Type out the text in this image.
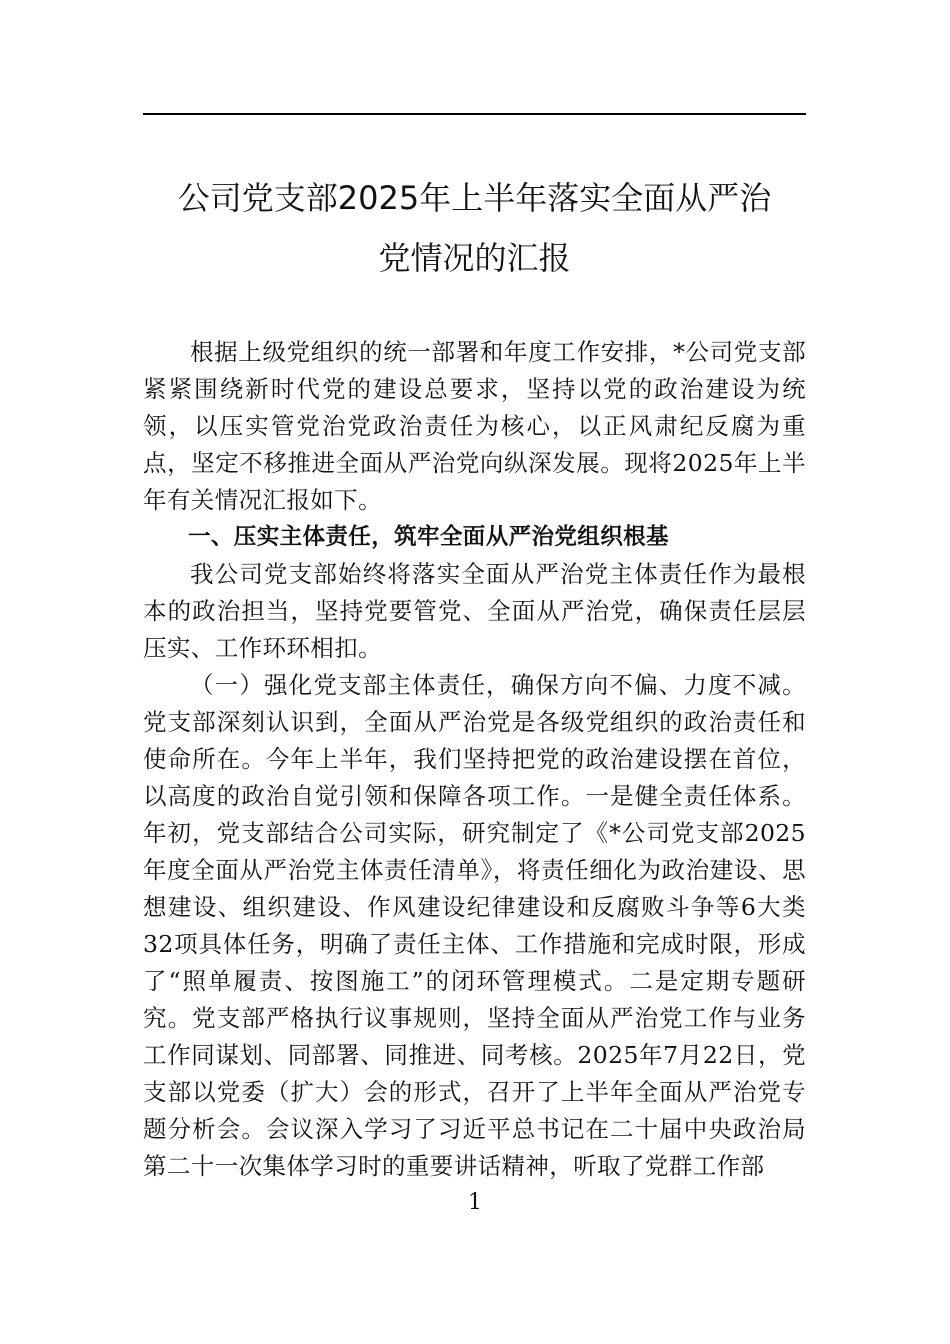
公司党支部2025年上半年落实全面从严治
党情况的汇报

根据上级党组织的统一部署和年度工作安排，*公司党支部紧紧围绕新时代党的建设总要求，坚持以党的政治建设为统领，以压实管党治党政治责任为核心，以正风肃纪反腐为重点，坚定不移推进全面从严治党向纵深发展。现将2025年上半年有关情况汇报如下。

一、压实主体责任，筑牢全面从严治党组织根基

我公司党支部始终将落实全面从严治党主体责任作为最根本的政治担当，坚持党要管党、全面从严治党，确保责任层层压实、工作环环相扣。

（一）强化党支部主体责任，确保方向不偏、力度不减。党支部深刻认识到，全面从严治党是各级党组织的政治责任和使命所在。今年上半年，我们坚持把党的政治建设摆在首位，以高度的政治自觉引领和保障各项工作。一是健全责任体系。年初，党支部结合公司实际，研究制定了《*公司党支部2025年度全面从严治党主体责任清单》，将责任细化为政治建设、思想建设、组织建设、作风建设纪律建设和反腐败斗争等6大类32项具体任务，明确了责任主体、工作措施和完成时限，形成了“照单履责、按图施工”的闭环管理模式。二是定期专题研究。党支部严格执行议事规则，坚持全面从严治党工作与业务工作同谋划、同部署、同推进、同考核。2025年7月22日，党支部以党委（扩大）会的形式，召开了上半年全面从严治党专题分析会。会议深入学习了习近平总书记在二十届中央政治局第二十一次集体学习时的重要讲话精神，听取了党群工作部

1
